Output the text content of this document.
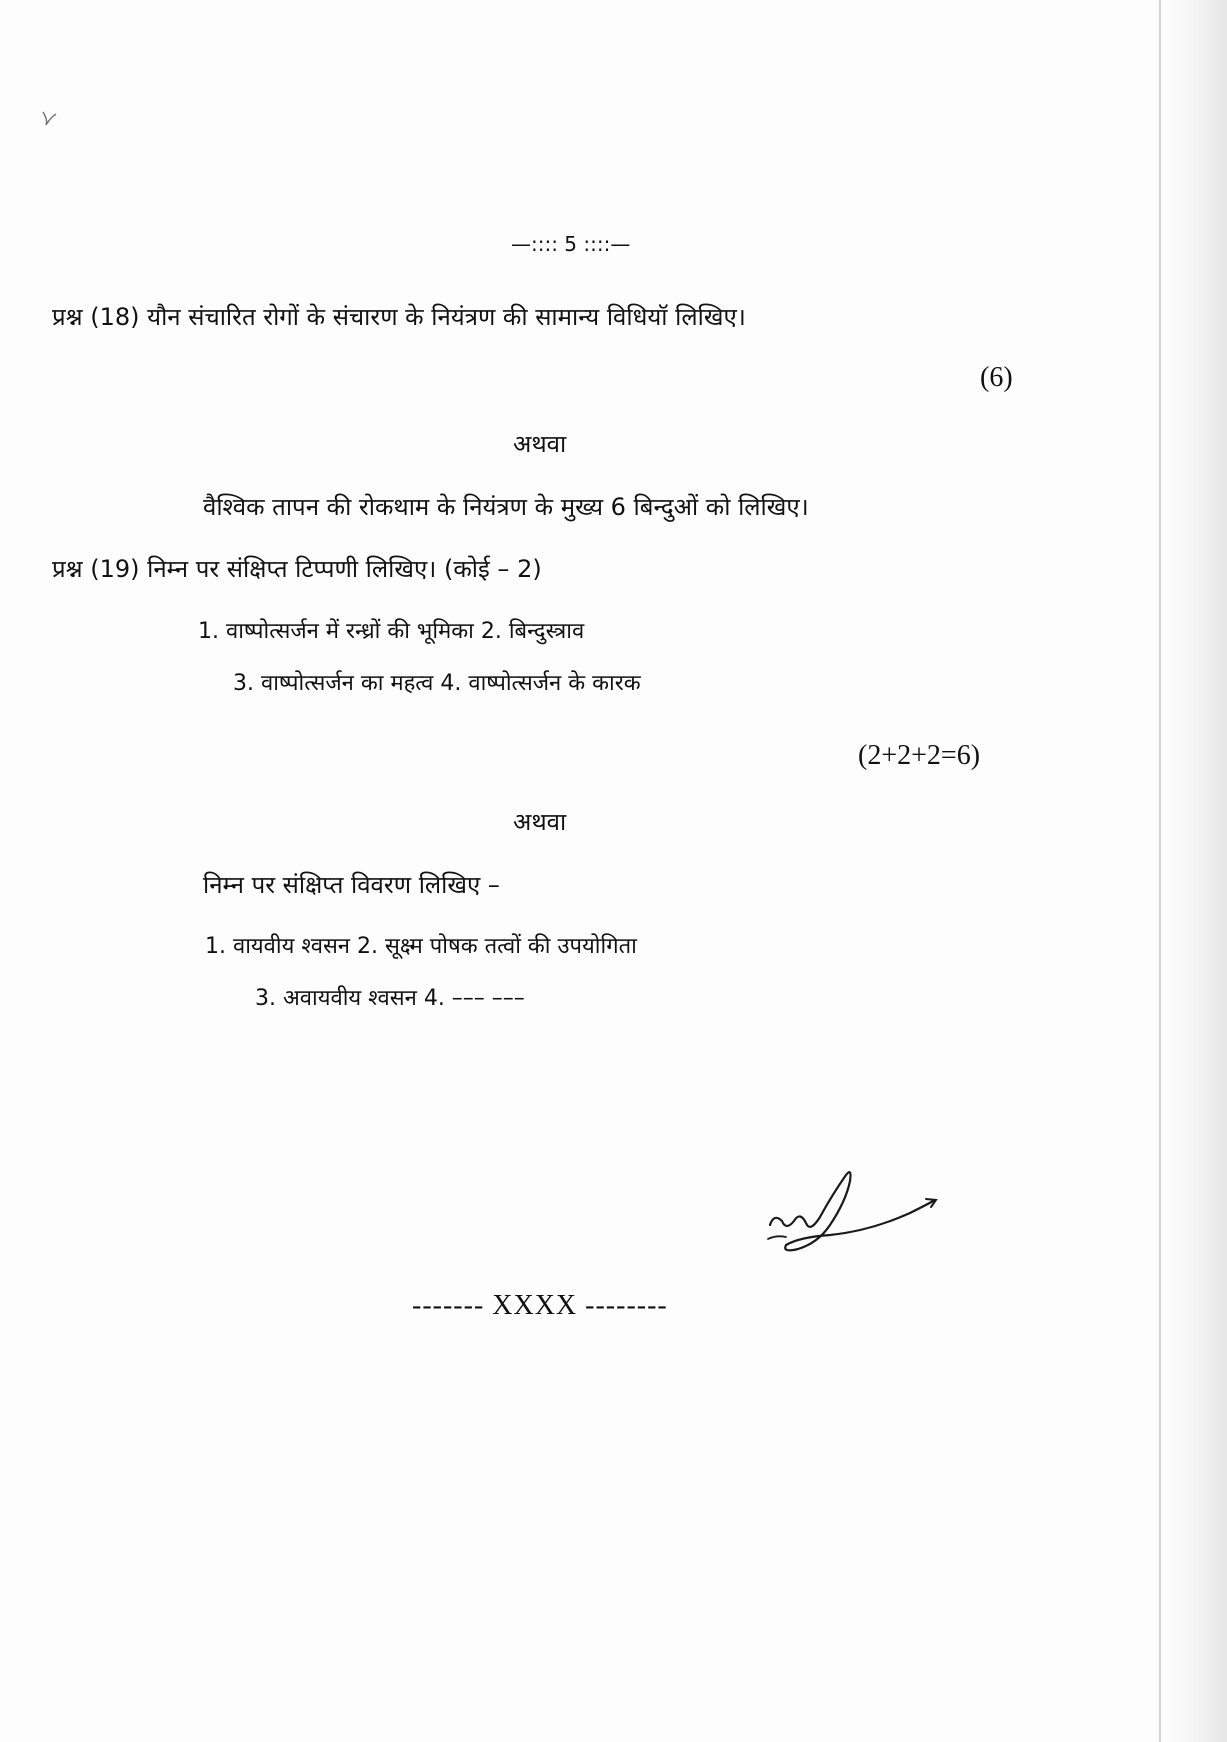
—:::: 5 ::::—
प्रश्न (18) यौन संचारित रोगों के संचारण के नियंत्रण की सामान्य विधियॉ लिखिए।
(6)
अथवा
वैश्विक तापन की रोकथाम के नियंत्रण के मुख्य 6 बिन्दुओं को लिखिए।
प्रश्न (19) निम्न पर संक्षिप्त टिप्पणी लिखिए। (कोई – 2)
1. वाष्पोत्सर्जन में रन्ध्रों की भूमिका 2. बिन्दुस्त्राव
3. वाष्पोत्सर्जन का महत्व 4. वाष्पोत्सर्जन के कारक
(2+2+2=6)
अथवा
निम्न पर संक्षिप्त विवरण लिखिए –
1. वायवीय श्वसन 2. सूक्ष्म पोषक तत्वों की उपयोगिता
3. अवायवीय श्वसन 4. ––– –––
------- XXXX --------
